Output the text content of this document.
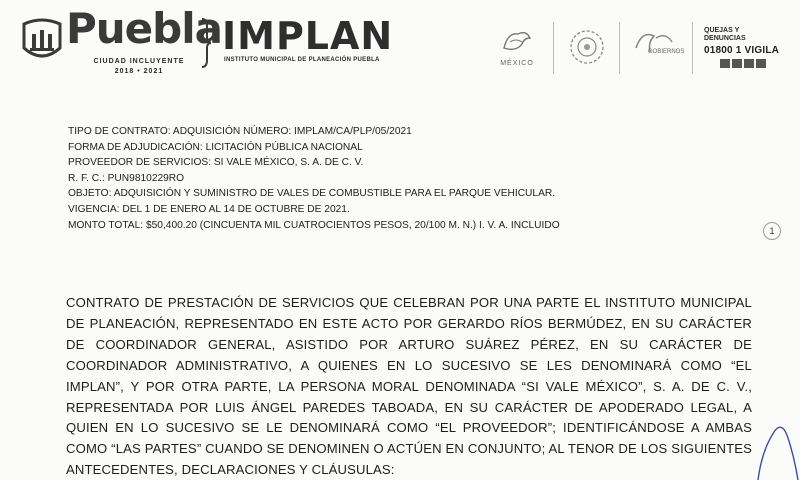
Puebla
CIUDAD INCLUYENTE
2018 • 2021
IMPLAN
INSTITUTO MUNICIPAL DE PLANEACIÓN PUEBLA	MÉXICO
GOBIERNOS
QUEJAS Y
DENUNCIAS
01800 1 VIGILA
TIPO DE CONTRATO: ADQUISICIÓN NÚMERO: IMPLAM/CA/PLP/05/2021
FORMA DE ADJUDICACIÓN: LICITACIÓN PÚBLICA NACIONAL
PROVEEDOR DE SERVICIOS: SI VALE MÉXICO, S. A. DE C. V.
R. F. C.: PUN9810229RO
OBJETO: ADQUISICIÓN Y SUMINISTRO DE VALES DE COMBUSTIBLE PARA EL PARQUE VEHICULAR.
VIGENCIA: DEL 1 DE ENERO AL 14 DE OCTUBRE DE 2021.
MONTO TOTAL: $50,400.20 (CINCUENTA MIL CUATROCIENTOS PESOS, 20/100 M. N.) I. V. A. INCLUIDO
1
CONTRATO DE PRESTACIÓN DE SERVICIOS QUE CELEBRAN POR UNA PARTE EL INSTITUTO MUNICIPAL DE PLANEACIÓN, REPRESENTADO EN ESTE ACTO POR GERARDO RÍOS BERMÚDEZ, EN SU CARÁCTER DE COORDINADOR GENERAL, ASISTIDO POR ARTURO SUÁREZ PÉREZ, EN SU CARÁCTER DE COORDINADOR ADMINISTRATIVO, A QUIENES EN LO SUCESIVO SE LES DENOMINARÁ COMO “EL IMPLAN”, Y POR OTRA PARTE, LA PERSONA MORAL DENOMINADA “SI VALE MÉXICO”, S. A. DE C. V., REPRESENTADA POR LUIS ÁNGEL PAREDES TABOADA, EN SU CARÁCTER DE APODERADO LEGAL, A QUIEN EN LO SUCESIVO SE LE DENOMINARÁ COMO “EL PROVEEDOR”; IDENTIFICÁNDOSE A AMBAS COMO “LAS PARTES” CUANDO SE DENOMINEN O ACTÚEN EN CONJUNTO; AL TENOR DE LOS SIGUIENTES ANTECEDENTES, DECLARACIONES Y CLÁUSULAS:
